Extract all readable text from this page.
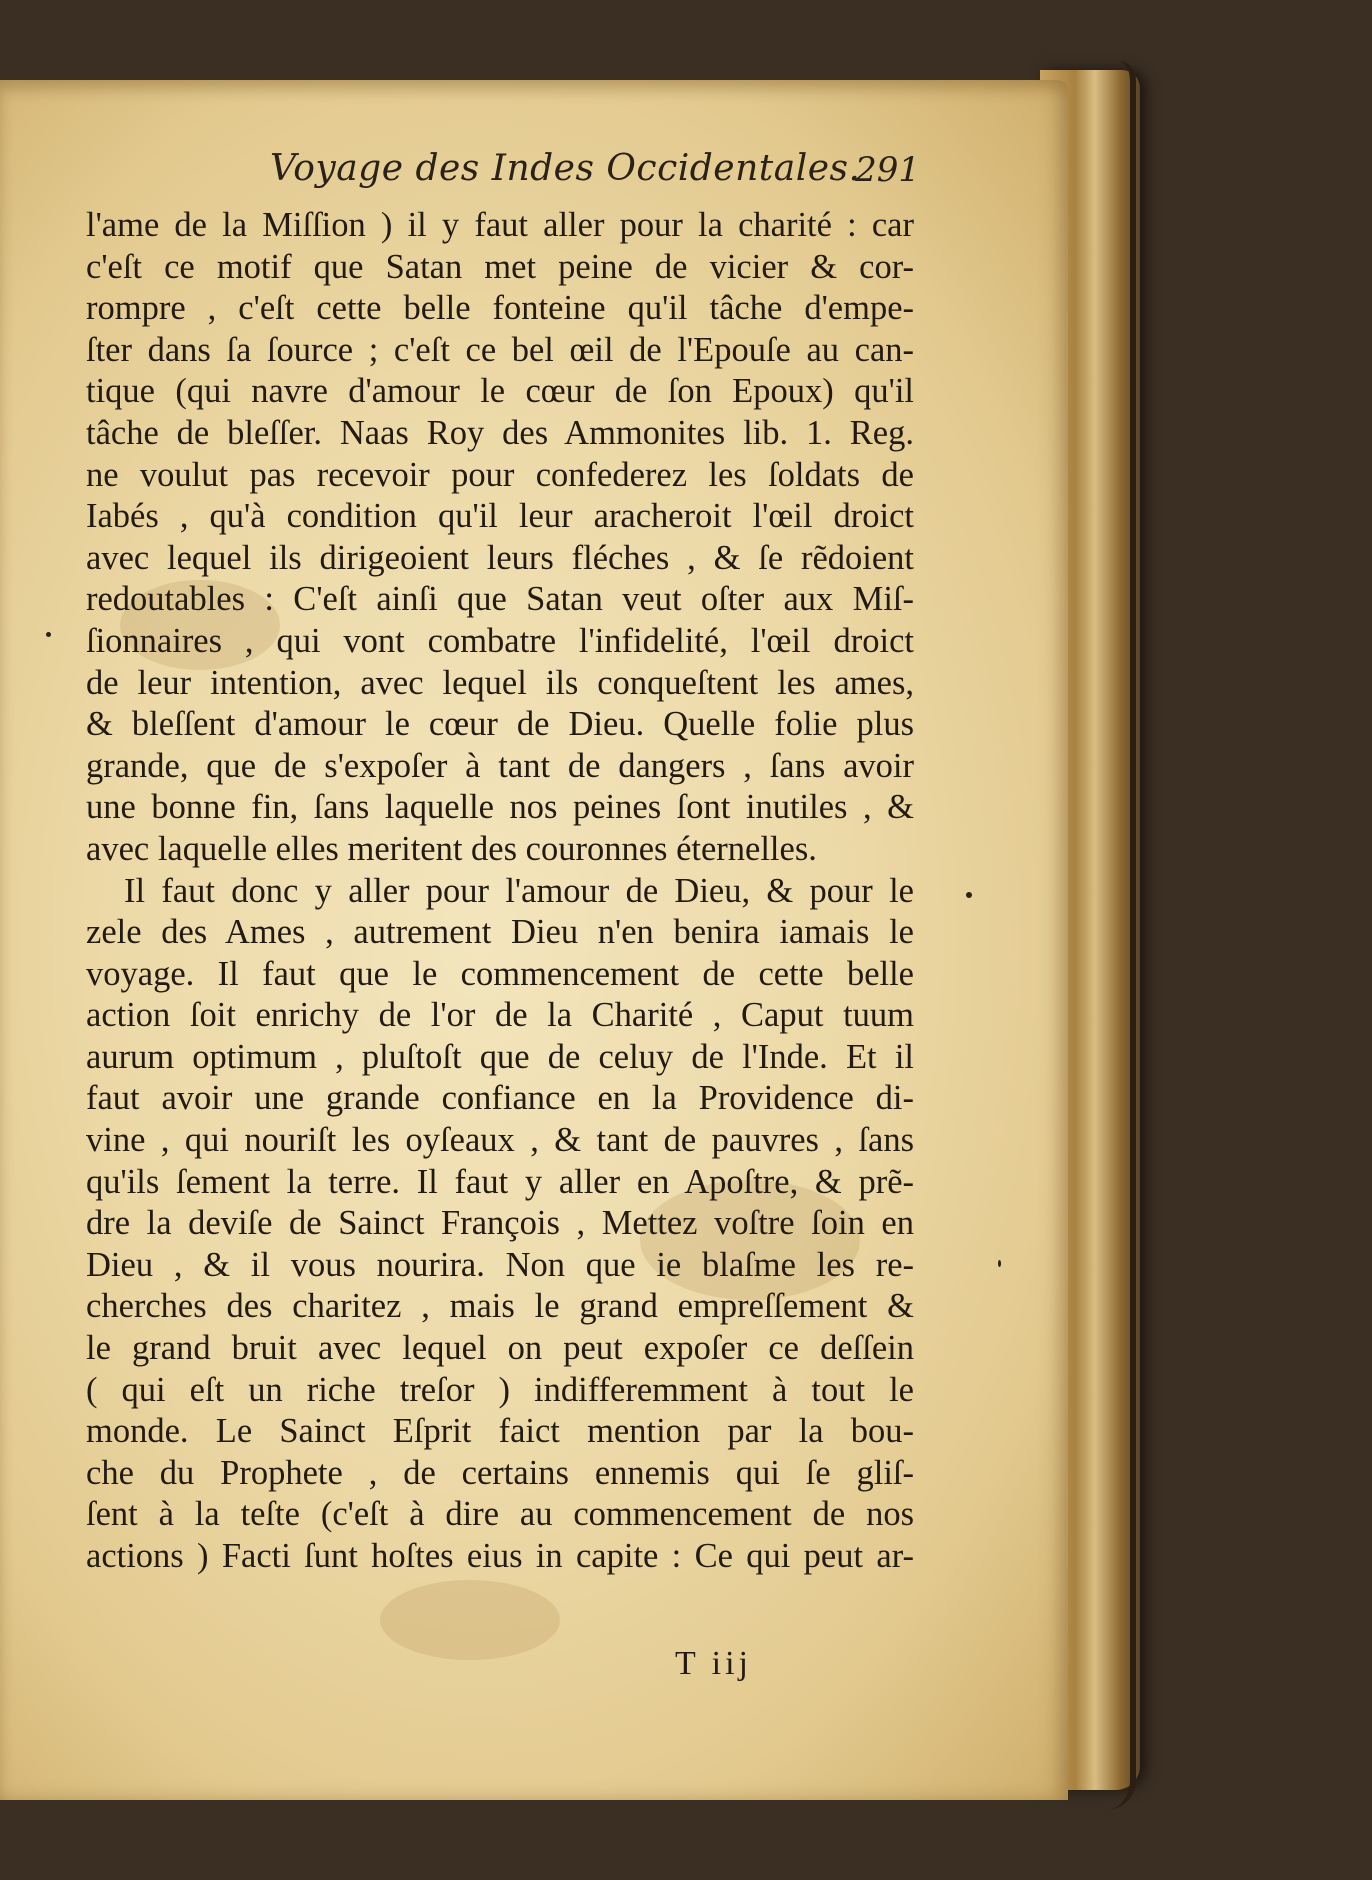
Voyage des Indes Occidentales.
291
l'ame de la Miſſion ) il y faut aller pour la charité : car
c'eſt ce motif que Satan met peine de vicier & cor-
rompre , c'eſt cette belle fonteine qu'il tâche d'empe-
ſter dans ſa ſource ; c'eſt ce bel œil de l'Epouſe au can-
tique (qui navre d'amour le cœur de ſon Epoux) qu'il
tâche de bleſſer. Naas Roy des Ammonites lib. 1. Reg.
ne voulut pas recevoir pour confederez les ſoldats de
Iabés , qu'à condition qu'il leur aracheroit l'œil droict
avec lequel ils dirigeoient leurs fléches , & ſe rẽdoient
redoutables : C'eſt ainſi que Satan veut oſter aux Miſ-
ſionnaires , qui vont combatre l'infidelité, l'œil droict
de leur intention, avec lequel ils conqueſtent les ames,
& bleſſent d'amour le cœur de Dieu. Quelle folie plus
grande, que de s'expoſer à tant de dangers , ſans avoir
une bonne fin, ſans laquelle nos peines ſont inutiles , &
avec laquelle elles meritent des couronnes éternelles.
Il faut donc y aller pour l'amour de Dieu, & pour le
zele des Ames , autrement Dieu n'en benira iamais le
voyage. Il faut que le commencement de cette belle
action ſoit enrichy de l'or de la Charité , Caput tuum
aurum optimum , pluſtoſt que de celuy de l'Inde. Et il
faut avoir une grande confiance en la Providence di-
vine , qui nouriſt les oyſeaux , & tant de pauvres , ſans
qu'ils ſement la terre. Il faut y aller en Apoſtre, & prẽ-
dre la deviſe de Sainct François , Mettez voſtre ſoin en
Dieu , & il vous nourira. Non que ie blaſme les re-
cherches des charitez , mais le grand empreſſement &
le grand bruit avec lequel on peut expoſer ce deſſein
( qui eſt un riche treſor ) indifferemment à tout le
monde. Le Sainct Eſprit faict mention par la bou-
che du Prophete , de certains ennemis qui ſe gliſ-
ſent à la teſte (c'eſt à dire au commencement de nos
actions ) Facti ſunt hoſtes eius in capite : Ce qui peut ar-
T iij
